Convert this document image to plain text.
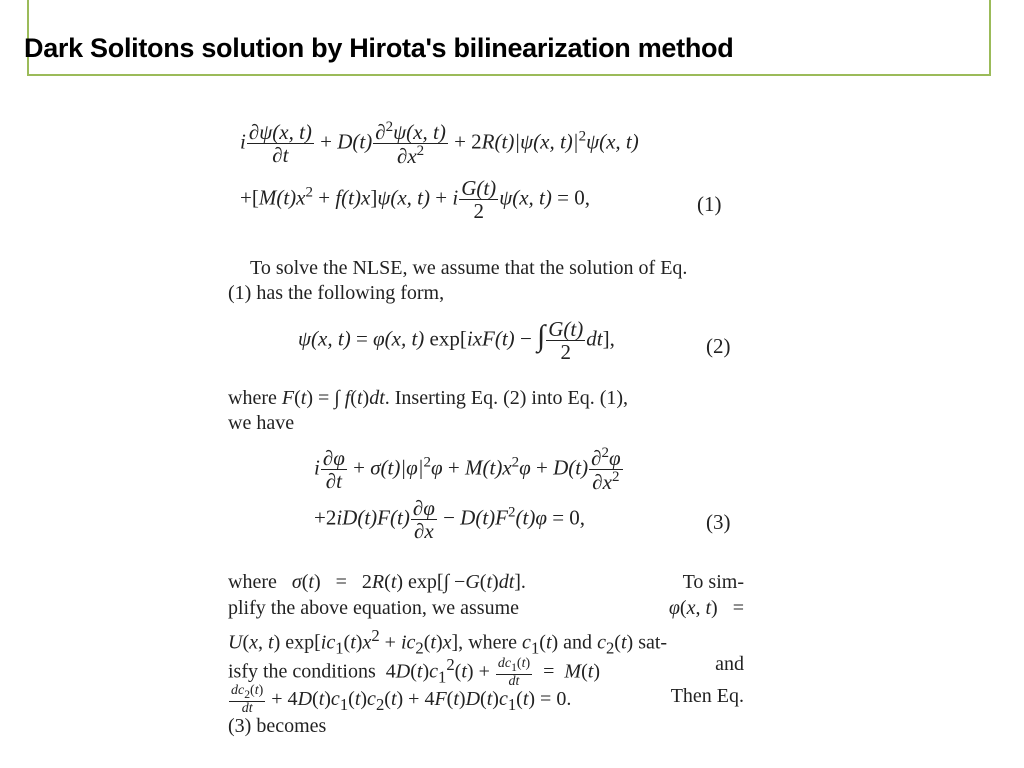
Dark Solitons solution by Hirota's bilinearization method
i $\frac{\partial\psi(x, t)}{\partial t} + D(t) \frac{\partial^2\psi(x, t)}{\partial x^2} + 2R(t)|\psi(x$, $t)|^2\psi(x$, t)
$+[M(t)x^2 + f(t)x]\psi(x$, t) + i $\frac{G(t)}{2} \psi(x$, t) = 0,	(1)
To solve the NLSE, we assume that the solution of Eq.
(1) has the following form,
ψ(x, t) = φ(x, t) exp[ixF(t) − ∫ $\frac{G(t)}{2} dt$],	(2)
where F(t) = ∫ f(t)dt. Inserting Eq. (2) into Eq. (1),
we have
i $\frac{\partial\varphi}{\partial t} + \sigma(t)|\varphi|^2\varphi + M(t)x^2\varphi + D(t) \frac{\partial^2\varphi}{\partial x^2}$
$+2iD(t)F(t) \frac{\partial\varphi}{\partial x} - D(t)F^2(t)\varphi = 0$,	(3)
where σ(t)   =   2R(t) exp[∫ −G(t)dt].	To sim-
plify the above equation, we assume	φ(x, t)   =
U(x, t) $\exp[ic_1(t)x^2 + ic_2(t)x]$, where $c_1(t)$ and $c_2(t)$ sat-
isfy the conditions  $4D(t)c_1^2(t) + \frac{dc_1(t)}{dt} = M(t)$	and
$\frac{dc_2(t)}{dt} + 4D(t)c_1(t)c_2(t) + 4F(t)D(t)c_1(t) = 0$.	Then Eq.
(3) becomes
